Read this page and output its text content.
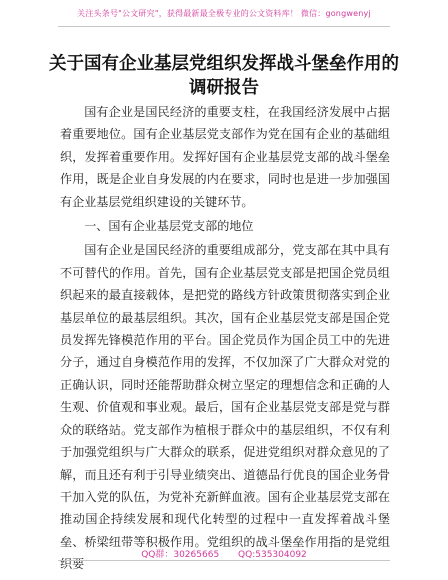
关注头条号"公文研究"，获得最新最全极专业的公文资料库！ 微信：gongwenyj
关于国有企业基层党组织发挥战斗堡垒作用的
调研报告

国有企业是国民经济的重要支柱，在我国经济发展中占据着重要地位。国有企业基层党支部作为党在国有企业的基础组织，发挥着重要作用。发挥好国有企业基层党支部的战斗堡垒作用，既是企业自身发展的内在要求，同时也是进一步加强国有企业基层党组织建设的关键环节。

一、国有企业基层党支部的地位

国有企业是国民经济的重要组成部分，党支部在其中具有不可替代的作用。首先，国有企业基层党支部是把国企党员组织起来的最直接载体，是把党的路线方针政策贯彻落实到企业基层单位的最基层组织。其次，国有企业基层党支部是国企党员发挥先锋模范作用的平台。国企党员作为国企员工中的先进分子，通过自身模范作用的发挥，不仅加深了广大群众对党的正确认识，同时还能帮助群众树立坚定的理想信念和正确的人生观、价值观和事业观。最后，国有企业基层党支部是党与群众的联络站。党支部作为植根于群众中的基层组织，不仅有利于加强党组织与广大群众的联系，促进党组织对群众意见的了解，而且还有利于引导业绩突出、道德品行优良的国企业务骨干加入党的队伍，为党补充新鲜血液。国有企业基层党支部在推动国企持续发展和现代化转型的过程中一直发挥着战斗堡垒、桥梁纽带等积极作用。党组织的战斗堡垒作用指的是党组织要

QQ群：30265665 QQ:535304092
